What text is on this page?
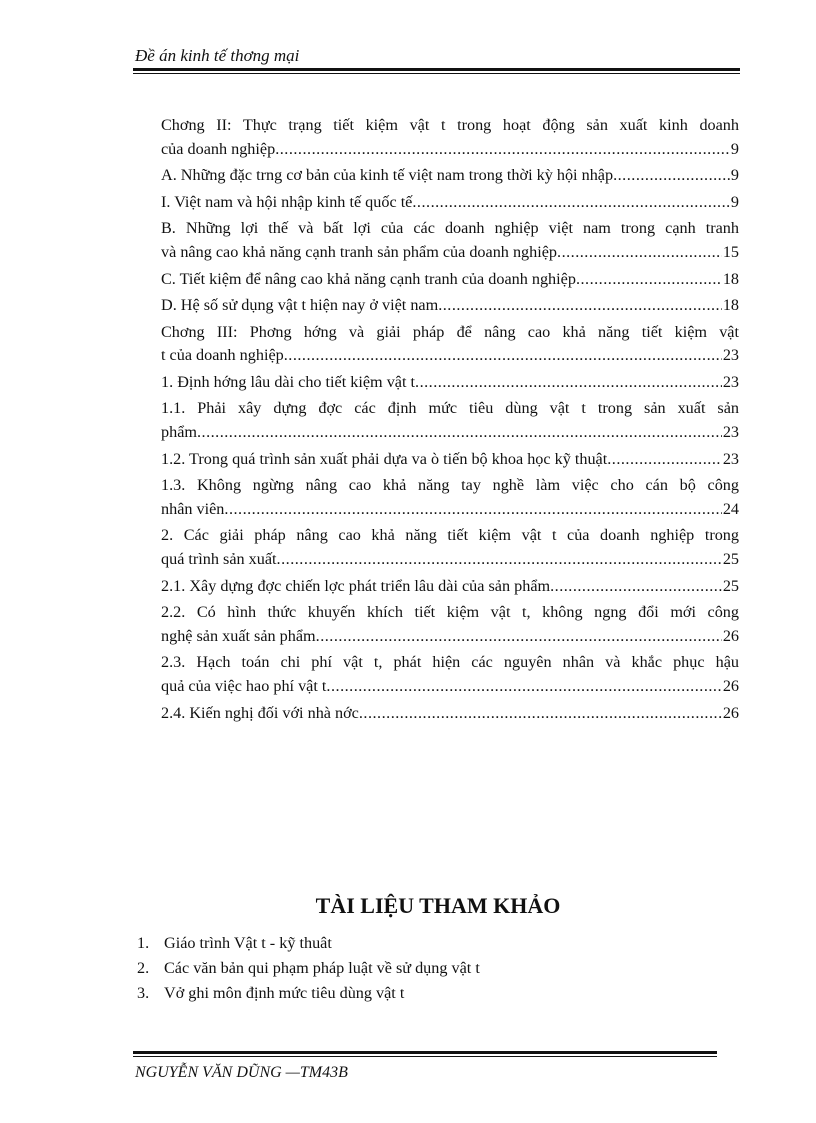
Đề án kinh tế thơng mại
Chơng II: Thực trạng tiết kiệm vật t trong hoạt động sản xuất kinh doanh
của doanh nghiệp .....	9
A. Những đặc trng cơ bản của kinh tế việt nam trong thời kỳ hội nhập .....	9
I. Việt nam và hội nhập kinh tế quốc tế .....	9
B. Những lợi thế và bất lợi của các doanh nghiệp việt nam trong cạnh tranh
và nâng cao khả năng cạnh tranh sản phẩm của doanh nghiệp .....	15
C. Tiết kiệm để nâng cao khả năng cạnh tranh của doanh nghiệp .....	18
D. Hệ số sử dụng vật t hiện nay ở việt nam .....	18
Chơng III: Phơng hớng và giải pháp để nâng cao khả năng tiết kiệm vật
t của doanh nghiệp .....	23
1. Định hớng lâu dài cho tiết kiệm vật t .....	23
1.1. Phải xây dựng đợc các định mức tiêu dùng vật t trong sản xuất sản
phẩm .....	23
1.2. Trong quá trình sản xuất phải dựa va ò tiến bộ khoa học kỹ thuật .....	23
1.3. Không ngừng nâng cao khả năng tay nghề làm việc cho cán bộ công
nhân viên .....	24
2. Các giải pháp nâng cao khả năng tiết kiệm vật t của doanh nghiệp trong
quá trình sản xuất .....	25
2.1. Xây dựng đợc chiến lợc phát triển lâu dài của sản phẩm .....	25
2.2. Có hình thức khuyến khích tiết kiệm vật t, không ngng đổi mới công
nghệ sản xuất sản phẩm .....	26
2.3. Hạch toán chi phí vật t, phát hiện các nguyên nhân và khắc phục hậu
quả của việc hao phí vật t .....	26
2.4. Kiến nghị đối với nhà nớc .....	26
TÀI LIỆU THAM KHẢO
1. Giáo trình Vật t - kỹ thuât
2. Các văn bản qui phạm pháp luật về sử dụng vật t
3. Vở ghi môn định mức tiêu dùng vật t
NGUYỄN VĂN DŨNG —TM43B
